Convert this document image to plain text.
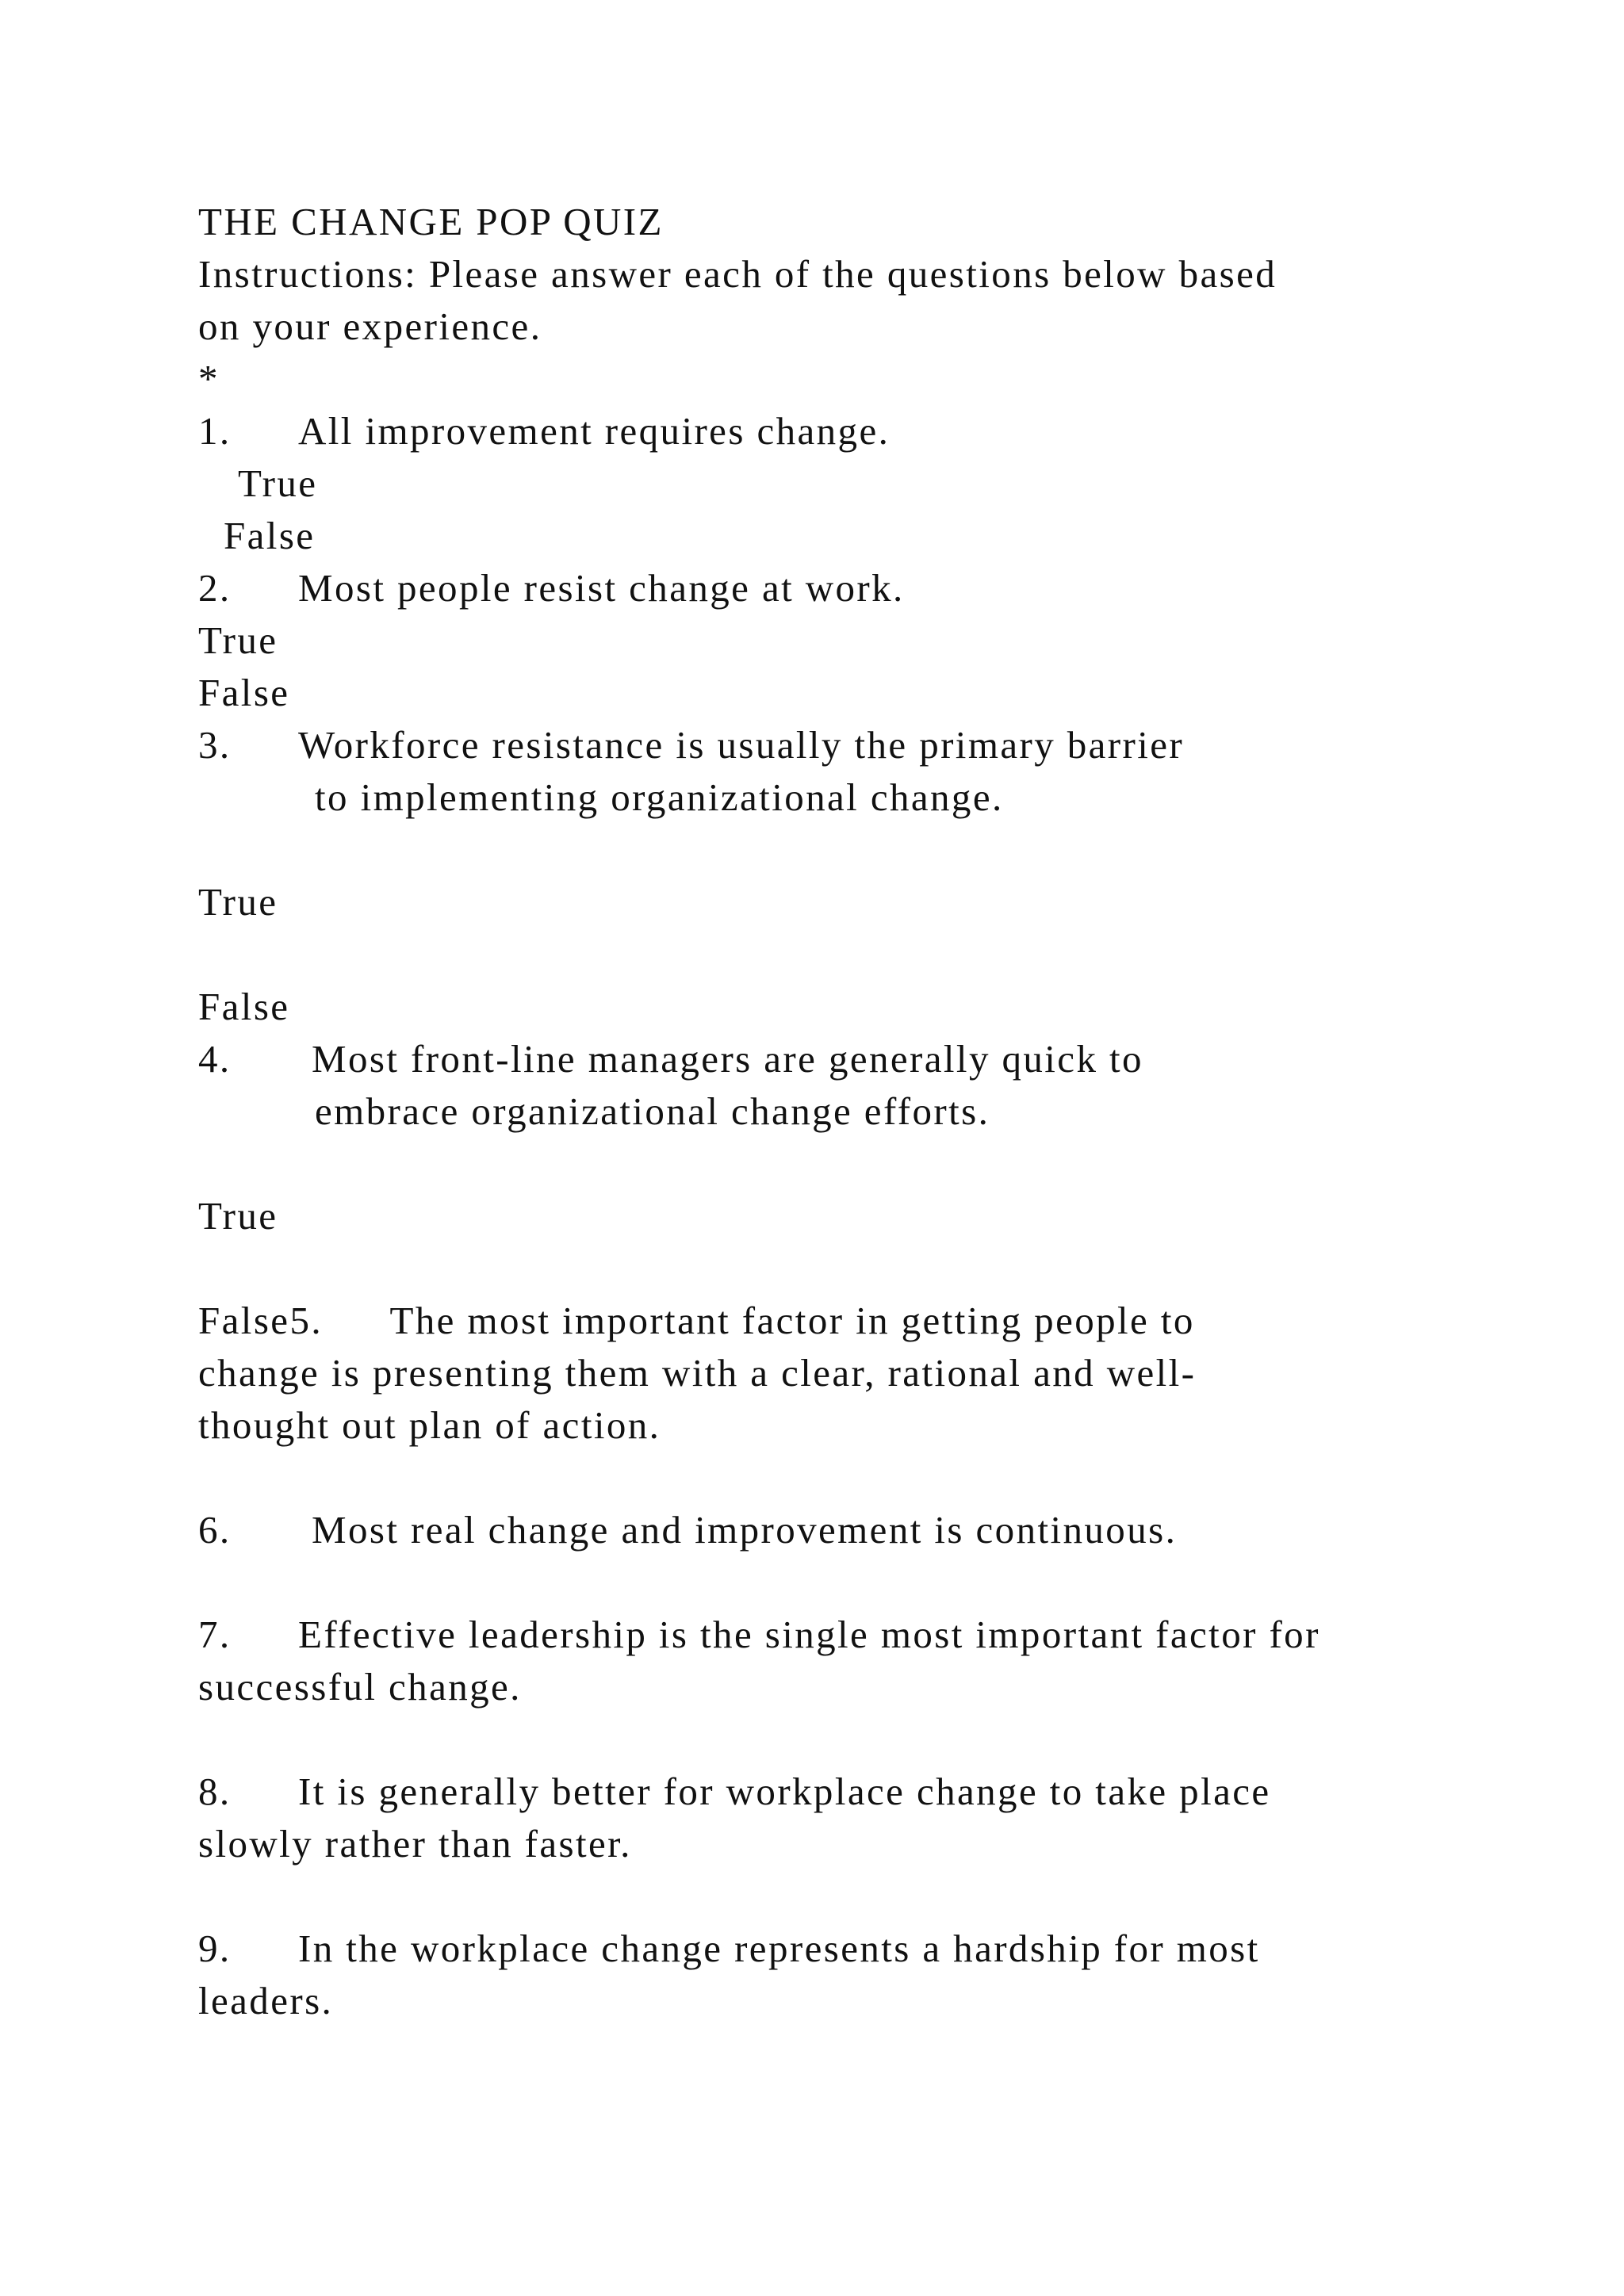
THE CHANGE POP QUIZ
Instructions: Please answer each of the questions below based
on your experience.
*
1. All improvement requires change.
True
False
2. Most people resist change at work.
True
False
3. Workforce resistance is usually the primary barrier
to implementing organizational change.
True
False
4. Most front-line managers are generally quick to
embrace organizational change efforts.
True
False5. The most important factor in getting people to
change is presenting them with a clear, rational and well-
thought out plan of action.
6. Most real change and improvement is continuous.
7. Effective leadership is the single most important factor for
successful change.
8. It is generally better for workplace change to take place
slowly rather than faster.
9. In the workplace change represents a hardship for most
leaders.
